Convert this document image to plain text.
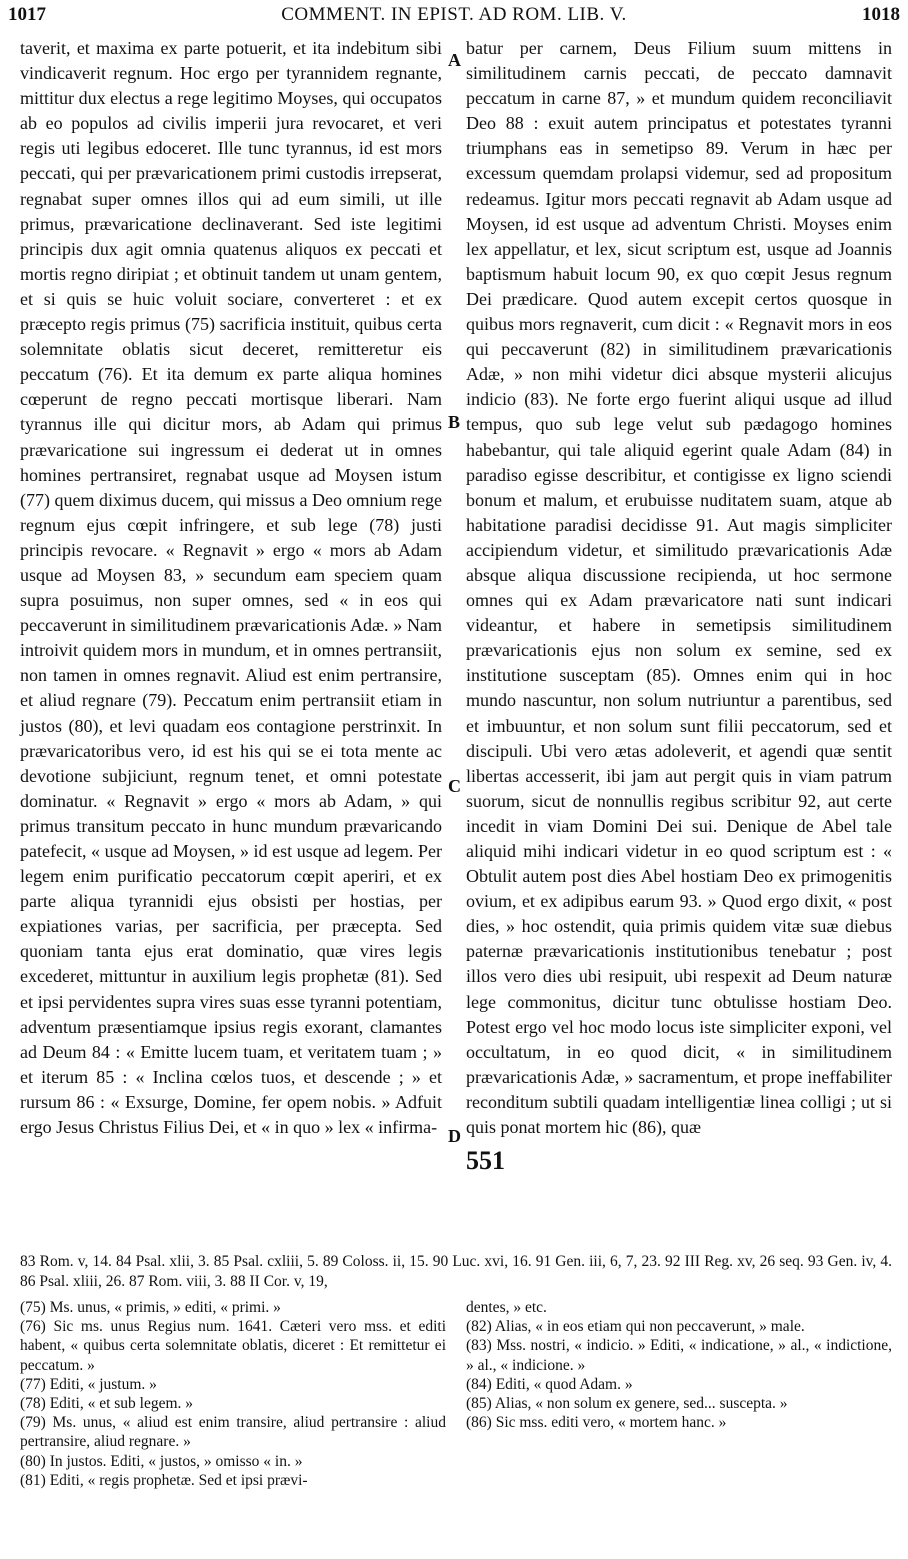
1017	COMMENT. IN EPIST. AD ROM. LIB. V.	1018
taverit, et maxima ex parte potuerit, et ita indebitum sibi vindicaverit regnum. Hoc ergo per tyrannidem regnante, mittitur dux electus a rege legitimo Moyses, qui occupatos ab eo populos ad civilis imperii jura revocaret, et veri regis uti legibus edoceret. Ille tunc tyrannus, id est mors peccati, qui per prævaricationem primi custodis irrepserat, regnabat super omnes illos qui ad eum simili, ut ille primus, prævaricatione declinaverant. Sed iste legitimi principis dux agit omnia quatenus aliquos ex peccati et mortis regno diripiat ; et obtinuit tandem ut unam gentem, et si quis se huic voluit sociare, converteret : et ex præcepto regis primus (75) sacrificia instituit, quibus certa solemnitate oblatis sicut deceret, remitteretur eis peccatum (76). Et ita demum ex parte aliqua homines cœperunt de regno peccati mortisque liberari. Nam tyrannus ille qui dicitur mors, ab Adam qui primus prævaricatione sui ingressum ei dederat ut in omnes homines pertransiret, regnabat usque ad Moysen istum (77) quem diximus ducem, qui missus a Deo omnium rege regnum ejus cœpit infringere, et sub lege (78) justi principis revocare. « Regnavit » ergo « mors ab Adam usque ad Moysen 83, » secundum eam speciem quam supra posuimus, non super omnes, sed « in eos qui peccaverunt in similitudinem prævaricationis Adæ. » Nam introivit quidem mors in mundum, et in omnes pertransiit, non tamen in omnes regnavit. Aliud est enim pertransire, et aliud regnare (79). Peccatum enim pertransiit etiam in justos (80), et levi quadam eos contagione perstrinxit. In prævaricatoribus vero, id est his qui se ei tota mente ac devotione subjiciunt, regnum tenet, et omni potestate dominatur. « Regnavit » ergo « mors ab Adam, » qui primus transitum peccato in hunc mundum prævaricando patefecit, « usque ad Moysen, » id est usque ad legem. Per legem enim purificatio peccatorum cœpit aperiri, et ex parte aliqua tyrannidi ejus obsisti per hostias, per expiationes varias, per sacrificia, per præcepta. Sed quoniam tanta ejus erat dominatio, quæ vires legis excederet, mittuntur in auxilium legis prophetæ (81). Sed et ipsi pervidentes supra vires suas esse tyranni potentiam, adventum præsentiamque ipsius regis exorant, clamantes ad Deum 84 : « Emitte lucem tuam, et veritatem tuam ; » et iterum 85 : « Inclina cœlos tuos, et descende ; » et rursum 86 : « Exsurge, Domine, fer opem nobis. » Adfuit ergo Jesus Christus Filius Dei, et « in quo » lex « infirma-
A
B
C
D
batur per carnem, Deus Filium suum mittens in similitudinem carnis peccati, de peccato damnavit peccatum in carne 87, » et mundum quidem reconciliavit Deo 88 : exuit autem principatus et potestates tyranni triumphans eas in semetipso 89. Verum in hæc per excessum quemdam prolapsi videmur, sed ad propositum redeamus. Igitur mors peccati regnavit ab Adam usque ad Moysen, id est usque ad adventum Christi. Moyses enim lex appellatur, et lex, sicut scriptum est, usque ad Joannis baptismum habuit locum 90, ex quo cœpit Jesus regnum Dei prædicare. Quod autem excepit certos quosque in quibus mors regnaverit, cum dicit : « Regnavit mors in eos qui peccaverunt (82) in similitudinem prævaricationis Adæ, » non mihi videtur dici absque mysterii alicujus indicio (83). Ne forte ergo fuerint aliqui usque ad illud tempus, quo sub lege velut sub pædagogo homines habebantur, qui tale aliquid egerint quale Adam (84) in paradiso egisse describitur, et contigisse ex ligno sciendi bonum et malum, et erubuisse nuditatem suam, atque ab habitatione paradisi decidisse 91. Aut magis simpliciter accipiendum videtur, et similitudo prævaricationis Adæ absque aliqua discussione recipienda, ut hoc sermone omnes qui ex Adam prævaricatore nati sunt indicari videantur, et habere in semetipsis similitudinem prævaricationis ejus non solum ex semine, sed ex institutione susceptam (85). Omnes enim qui in hoc mundo nascuntur, non solum nutriuntur a parentibus, sed et imbuuntur, et non solum sunt filii peccatorum, sed et discipuli. Ubi vero ætas adoleverit, et agendi quæ sentit libertas accesserit, ibi jam aut pergit quis in viam patrum suorum, sicut de nonnullis regibus scribitur 92, aut certe incedit in viam Domini Dei sui. Denique de Abel tale aliquid mihi indicari videtur in eo quod scriptum est : « Obtulit autem post dies Abel hostiam Deo ex primogenitis ovium, et ex adipibus earum 93. » Quod ergo dixit, « post dies, » hoc ostendit, quia primis quidem vitæ suæ diebus paternæ prævaricationis institutionibus tenebatur ; post illos vero dies ubi resipuit, ubi respexit ad Deum naturæ lege commonitus, dicitur tunc obtulisse hostiam Deo. Potest ergo vel hoc modo locus iste simpliciter exponi, vel occultatum, in eo quod dicit, « in similitudinem prævaricationis Adæ, » sacramentum, et prope ineffabiliter reconditum subtili quadam intelligentiæ linea colligi ; ut si quis ponat mortem hic (86), quæ
551

83 Rom. v, 14. 84 Psal. xlii, 3. 85 Psal. cxliii, 5. 89 Coloss. ii, 15. 90 Luc. xvi, 16. 91 Gen. iii, 6, 7, 23. 92 III Reg. xv, 26 seq. 93 Gen. iv, 4. 86 Psal. xliii, 26. 87 Rom. viii, 3. 88 II Cor. v, 19,

(75) Ms. unus, « primis, » editi, « primi. »

(76) Sic ms. unus Regius num. 1641. Cæteri vero mss. et editi habent, « quibus certa solemnitate oblatis, diceret : Et remittetur ei peccatum. »

(77) Editi, « justum. »

(78) Editi, « et sub legem. »

(79) Ms. unus, « aliud est enim transire, aliud pertransire : aliud pertransire, aliud regnare. »

(80) In justos. Editi, « justos, » omisso « in. »

(81) Editi, « regis prophetæ. Sed et ipsi prævi-

dentes, » etc.

(82) Alias, « in eos etiam qui non peccaverunt, » male.

(83) Mss. nostri, « indicio. » Editi, « indicatione, » al., « indictione, » al., « indicione. »

(84) Editi, « quod Adam. »

(85) Alias, « non solum ex genere, sed... susceptа. »

(86) Sic mss. editi vero, « mortem hanc. »
